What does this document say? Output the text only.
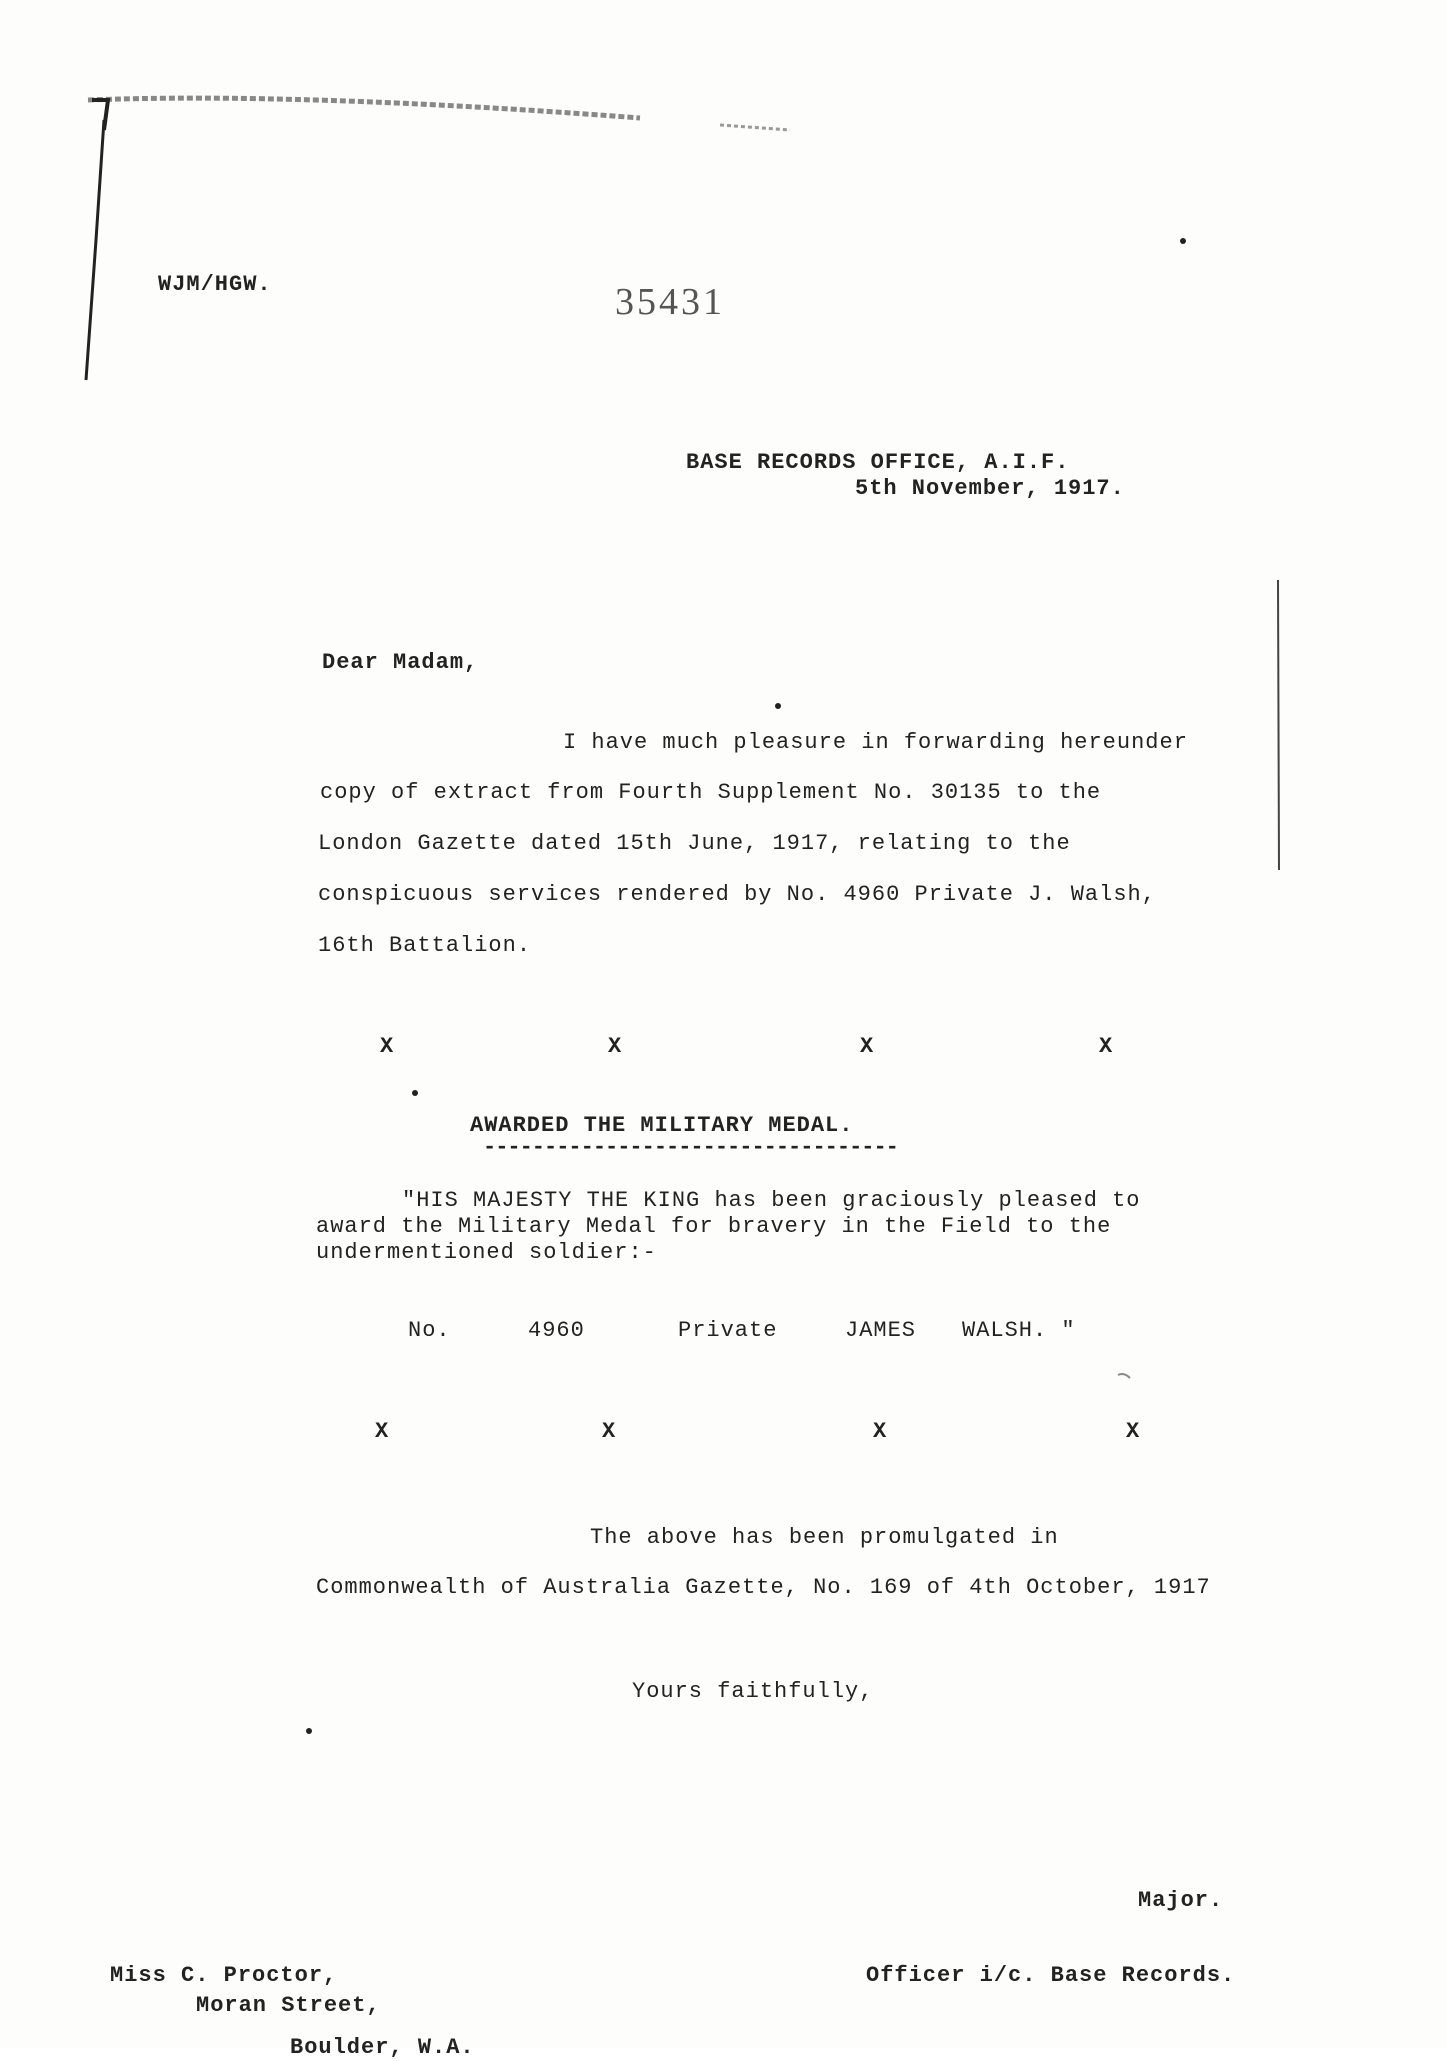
WJM/HGW.	35431
BASE RECORDS OFFICE, A.I.F.
5th November, 1917.
Dear Madam,
I have much pleasure in forwarding hereunder
copy of extract from Fourth Supplement No. 30135 to the
London Gazette dated 15th June, 1917, relating to the
conspicuous services rendered by No. 4960 Private J. Walsh,
16th Battalion.
X	X	X	X
AWARDED THE MILITARY MEDAL.
----------------------------------
"HIS MAJESTY THE KING has been graciously pleased to
award the Military Medal for bravery in the Field to the
undermentioned soldier:-
No.	4960	Private	JAMES WALSH. "
X	X	X	X
The above has been promulgated in
Commonwealth of Australia Gazette, No. 169 of 4th October, 1917
Yours faithfully,
Major.
Officer i/c. Base Records.
Miss C. Proctor,
Moran Street,
Boulder, W.A.
